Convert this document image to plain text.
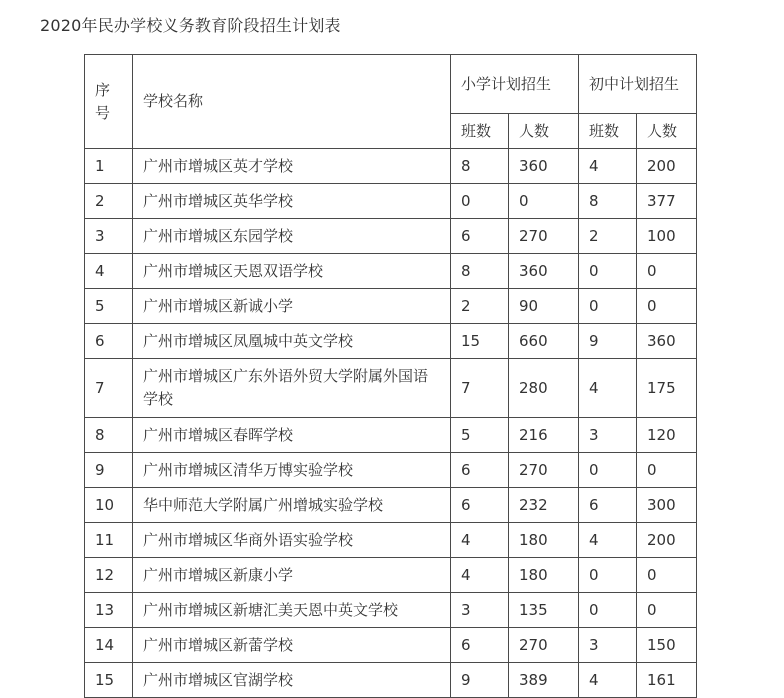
2020年民办学校义务教育阶段招生计划表
序号	学校名称	小学计划招生		初中计划招生	

		班数	人数	班数	人数
1	广州市增城区英才学校	8	360	4	200
2	广州市增城区英华学校	0	0	8	377
3	广州市增城区东园学校	6	270	2	100
4	广州市增城区天恩双语学校	8	360	0	0
5	广州市增城区新诚小学	2	90	0	0
6	广州市增城区凤凰城中英文学校	15	660	9	360
7	广州市增城区广东外语外贸大学附属外国语学校	7	280	4	175
8	广州市增城区春晖学校	5	216	3	120
9	广州市增城区清华万博实验学校	6	270	0	0
10	华中师范大学附属广州增城实验学校	6	232	6	300
11	广州市增城区华商外语实验学校	4	180	4	200
12	广州市增城区新康小学	4	180	0	0
13	广州市增城区新塘汇美天恩中英文学校	3	135	0	0
14	广州市增城区新蕾学校	6	270	3	150
15	广州市增城区官湖学校	9	389	4	161
